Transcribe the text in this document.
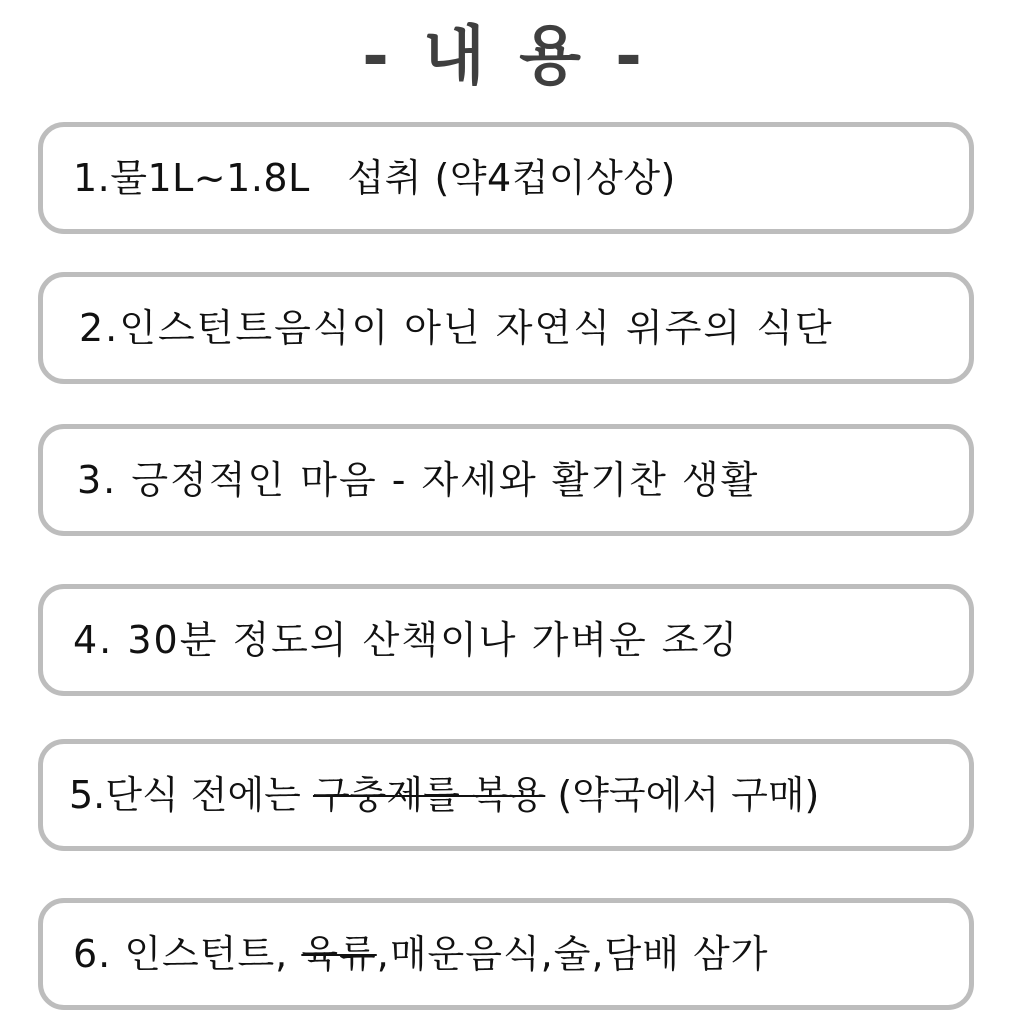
- 내 용 -
1.물1L~1.8L   섭취 (약4컵이상상)
2.인스턴트음식이 아닌 자연식 위주의 식단
3. 긍정적인 마음 - 자세와 활기찬 생활
4. 30분 정도의 산책이나 가벼운 조깅
5.단식 전에는 구충제를 복용 (약국에서 구매)
6. 인스턴트, 육류,매운음식,술,담배 삼가
